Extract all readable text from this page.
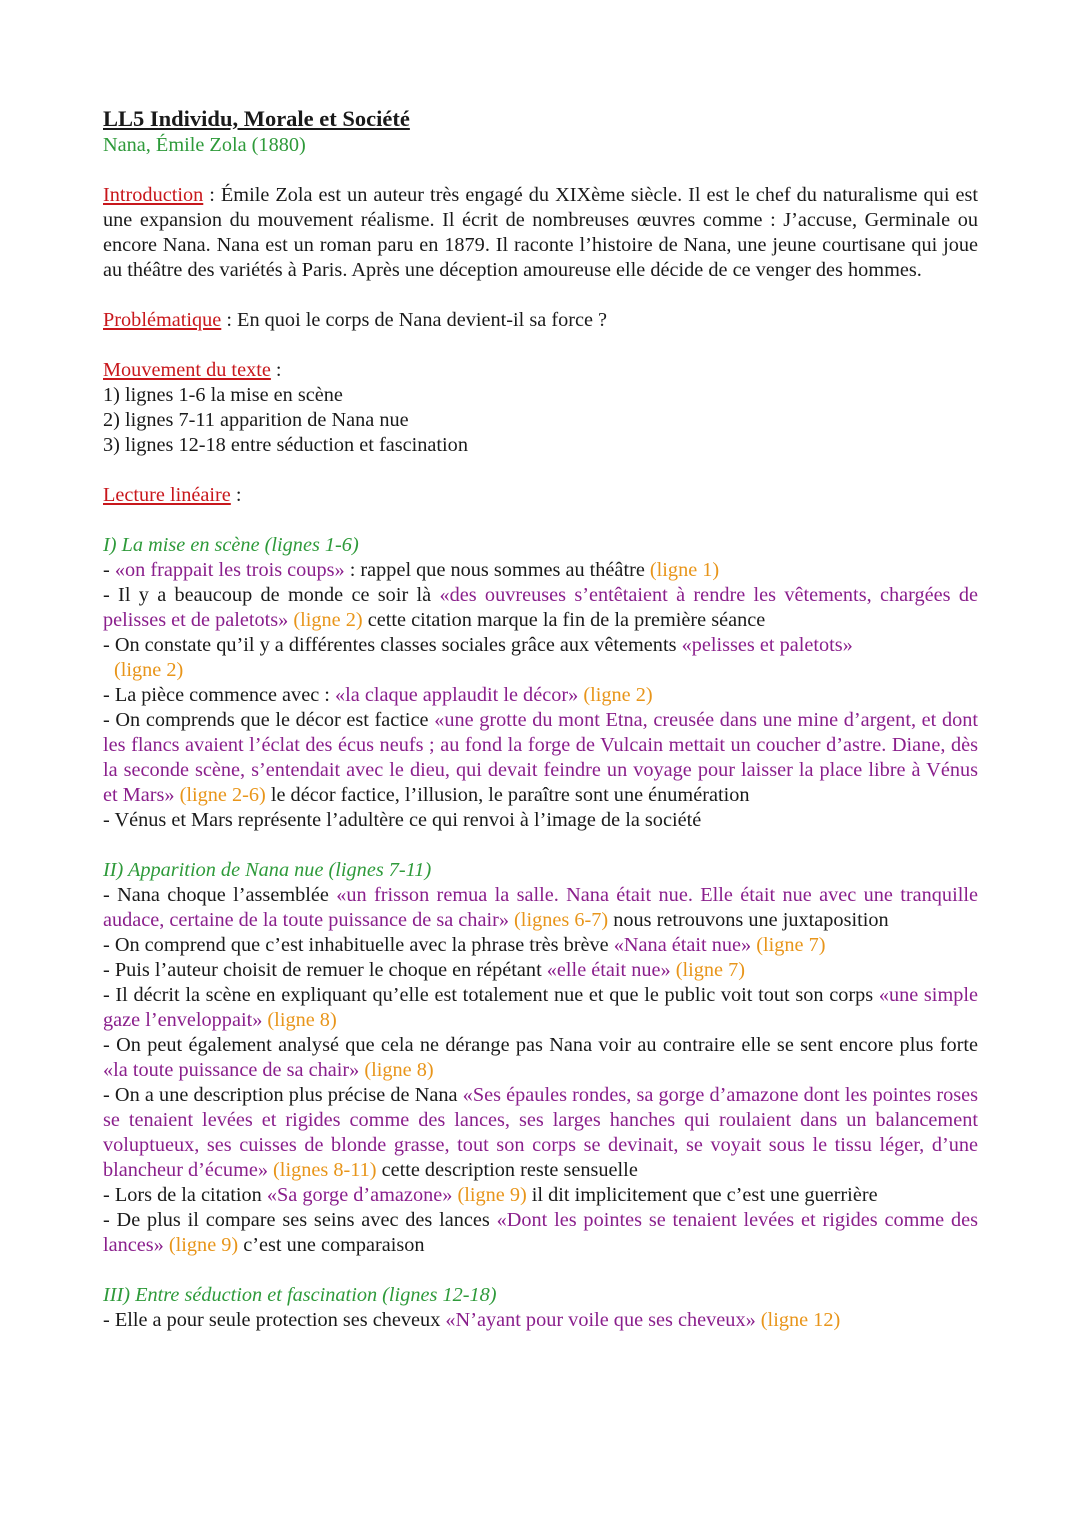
LL5 Individu, Morale et Société
Nana, Émile Zola (1880)

Introduction : Émile Zola est un auteur très engagé du XIXème siècle. Il est le chef du naturalisme qui est une expansion du mouvement réalisme. Il écrit de nombreuses œuvres comme : J’accuse, Germinale ou encore Nana. Nana est un roman paru en 1879. Il raconte l’histoire de Nana, une jeune courtisane qui joue au théâtre des variétés à Paris. Après une déception amoureuse elle décide de ce venger des hommes.

Problématique : En quoi le corps de Nana devient-il sa force ?

Mouvement du texte :

1) lignes 1-6 la mise en scène
2) lignes 7-11 apparition de Nana nue
3) lignes 12-18 entre séduction et fascination

Lecture linéaire :

I) La mise en scène (lignes 1-6)

- «on frappait les trois coups» : rappel que nous sommes au théâtre (ligne 1)

- Il y a beaucoup de monde ce soir là «des ouvreuses s’entêtaient à rendre les vêtements, chargées de pelisses et de paletots» (ligne 2) cette citation marque la fin de la première séance

- On constate qu’il y a différentes classes sociales grâce aux vêtements «pelisses et paletots»

(ligne 2)

- La pièce commence avec : «la claque applaudit le décor» (ligne 2)

- On comprends que le décor est factice «une grotte du mont Etna, creusée dans une mine d’argent, et dont les flancs avaient l’éclat des écus neufs ; au fond la forge de Vulcain mettait un coucher d’astre. Diane, dès la seconde scène, s’entendait avec le dieu, qui devait feindre un voyage pour laisser la place libre à Vénus et Mars» (ligne 2-6) le décor factice, l’illusion, le paraître sont une énumération

- Vénus et Mars représente l’adultère ce qui renvoi à l’image de la société

II) Apparition de Nana nue (lignes 7-11)

- Nana choque l’assemblée «un frisson remua la salle. Nana était nue. Elle était nue avec une tranquille audace, certaine de la toute puissance de sa chair» (lignes 6-7) nous retrouvons une juxtaposition

- On comprend que c’est inhabituelle avec la phrase très brève «Nana était nue» (ligne 7)

- Puis l’auteur choisit de remuer le choque en répétant «elle était nue» (ligne 7)

- Il décrit la scène en expliquant qu’elle est totalement nue et que le public voit tout son corps «une simple gaze l’enveloppait» (ligne 8)

- On peut également analysé que cela ne dérange pas Nana voir au contraire elle se sent encore plus forte «la toute puissance de sa chair» (ligne 8)

- On a une description plus précise de Nana «Ses épaules rondes, sa gorge d’amazone dont les pointes roses se tenaient levées et rigides comme des lances, ses larges hanches qui roulaient dans un balancement voluptueux, ses cuisses de blonde grasse, tout son corps se devinait, se voyait sous le tissu léger, d’une blancheur d’écume» (lignes 8-11) cette description reste sensuelle

- Lors de la citation «Sa gorge d’amazone» (ligne 9) il dit implicitement que c’est une guerrière

- De plus il compare ses seins avec des lances «Dont les pointes se tenaient levées et rigides comme des lances» (ligne 9) c’est une comparaison

III) Entre séduction et fascination (lignes 12-18)

- Elle a pour seule protection ses cheveux «N’ayant pour voile que ses cheveux» (ligne 12)
